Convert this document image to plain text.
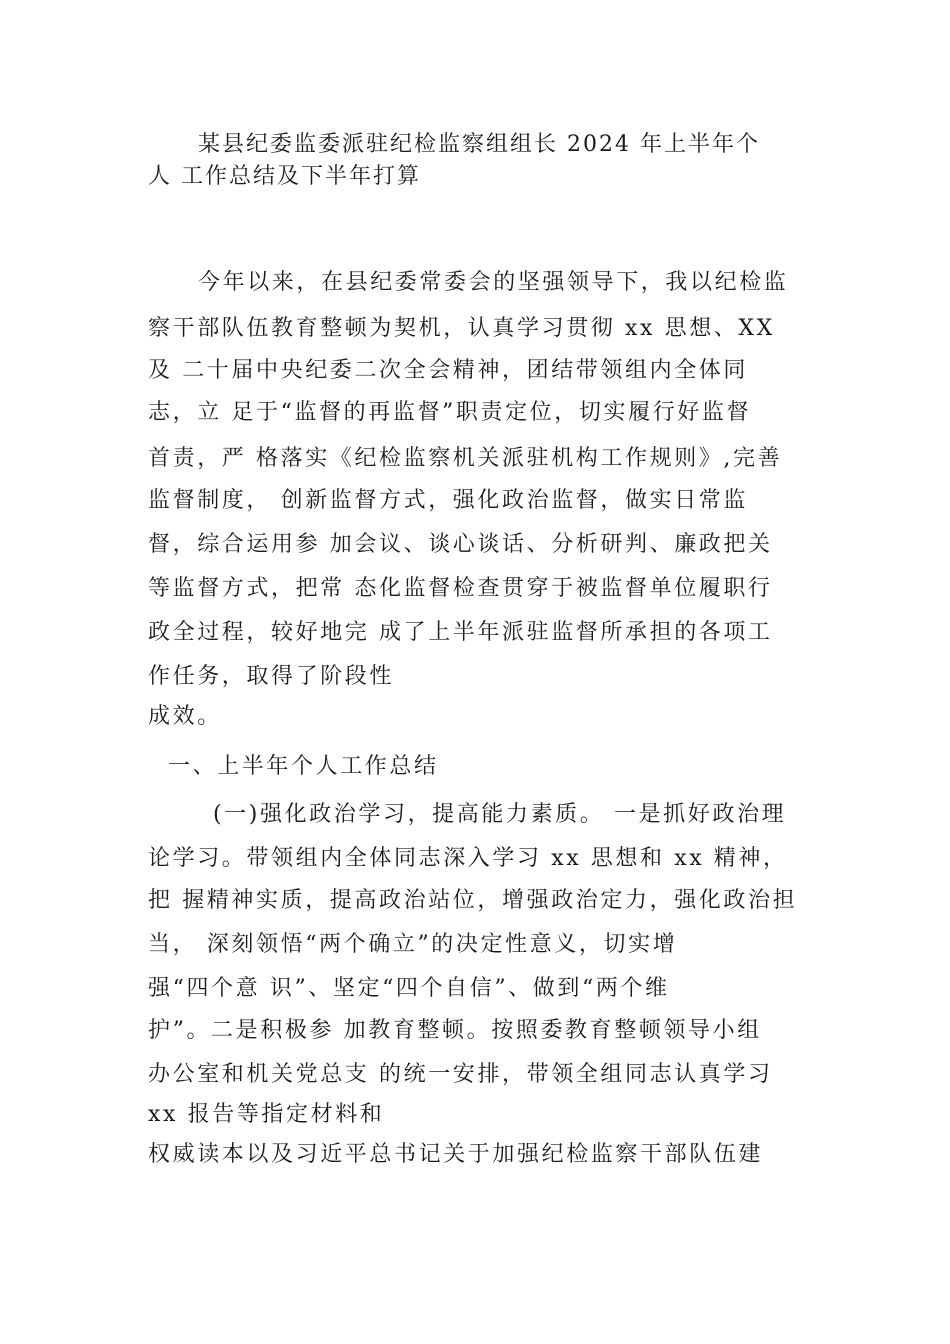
某县纪委监委派驻纪检监察组组长 2024 年上半年个
人 工作总结及下半年打算
今年以来，在县纪委常委会的坚强领导下，我以纪检监
察干部队伍教育整顿为契机，认真学习贯彻 xx 思想、XX
及 二十届中央纪委二次全会精神，团结带领组内全体同
志，立 足于“监督的再监督”职责定位，切实履行好监督
首责，严 格落实《纪检监察机关派驻机构工作规则》,完善
监督制度， 创新监督方式，强化政治监督，做实日常监
督，综合运用参 加会议、谈心谈话、分析研判、廉政把关
等监督方式，把常 态化监督检查贯穿于被监督单位履职行
政全过程，较好地完 成了上半年派驻监督所承担的各项工
作任务，取得了阶段性
成效。
一、上半年个人工作总结
(一)强化政治学习，提高能力素质。 一是抓好政治理
论学习。带领组内全体同志深入学习 xx 思想和 xx 精神，
把 握精神实质，提高政治站位，增强政治定力，强化政治担
当， 深刻领悟“两个确立”的决定性意义，切实增
强“四个意 识”、坚定“四个自信”、做到“两个维
护”。二是积极参 加教育整顿。按照委教育整顿领导小组
办公室和机关党总支 的统一安排，带领全组同志认真学习
xx 报告等指定材料和
权威读本以及习近平总书记关于加强纪检监察干部队伍建
